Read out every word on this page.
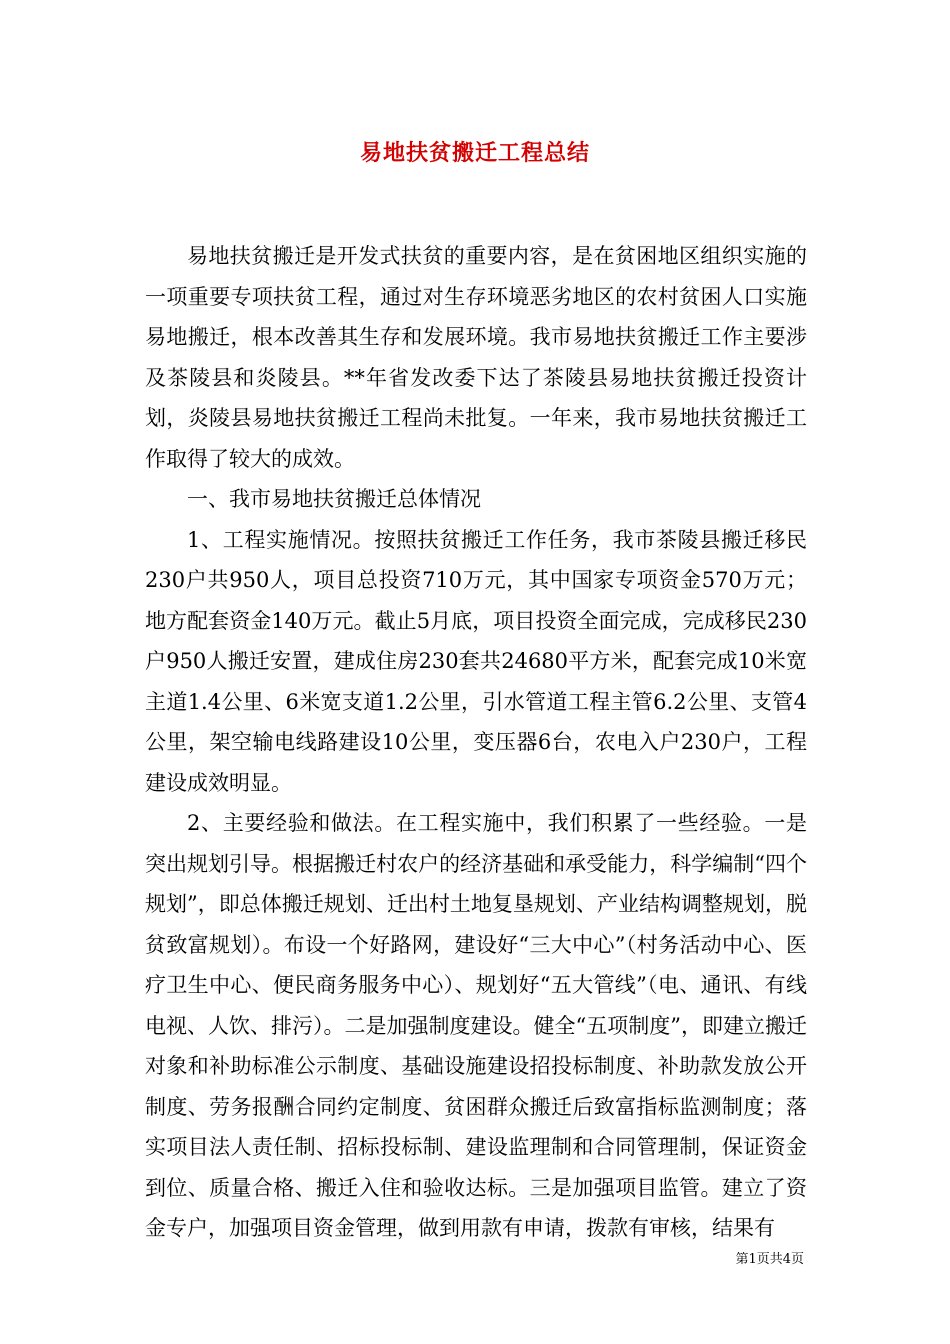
易地扶贫搬迁工程总结

易地扶贫搬迁是开发式扶贫的重要内容，是在贫困地区组织实施的一项重要专项扶贫工程，通过对生存环境恶劣地区的农村贫困人口实施易地搬迁，根本改善其生存和发展环境。我市易地扶贫搬迁工作主要涉及茶陵县和炎陵县。**年省发改委下达了茶陵县易地扶贫搬迁投资计划，炎陵县易地扶贫搬迁工程尚未批复。一年来，我市易地扶贫搬迁工作取得了较大的成效。

一、我市易地扶贫搬迁总体情况

1、工程实施情况。按照扶贫搬迁工作任务，我市茶陵县搬迁移民230户共950人，项目总投资710万元，其中国家专项资金570万元；地方配套资金140万元。截止5月底，项目投资全面完成，完成移民230户950人搬迁安置，建成住房230套共24680平方米，配套完成10米宽主道1.4公里、6米宽支道1.2公里，引水管道工程主管6.2公里、支管4公里，架空输电线路建设10公里，变压器6台，农电入户230户，工程建设成效明显。

2、主要经验和做法。在工程实施中，我们积累了一些经验。一是突出规划引导。根据搬迁村农户的经济基础和承受能力，科学编制“四个规划”，即总体搬迁规划、迁出村土地复垦规划、产业结构调整规划，脱贫致富规划）。布设一个好路网，建设好“三大中心”（村务活动中心、医疗卫生中心、便民商务服务中心）、规划好“五大管线”（电、通讯、有线电视、人饮、排污）。二是加强制度建设。健全“五项制度”，即建立搬迁对象和补助标准公示制度、基础设施建设招投标制度、补助款发放公开制度、劳务报酬合同约定制度、贫困群众搬迁后致富指标监测制度；落实项目法人责任制、招标投标制、建设监理制和合同管理制，保证资金到位、质量合格、搬迁入住和验收达标。三是加强项目监管。建立了资金专户，加强项目资金管理，做到用款有申请，拨款有审核，结果有

第1页共4页
